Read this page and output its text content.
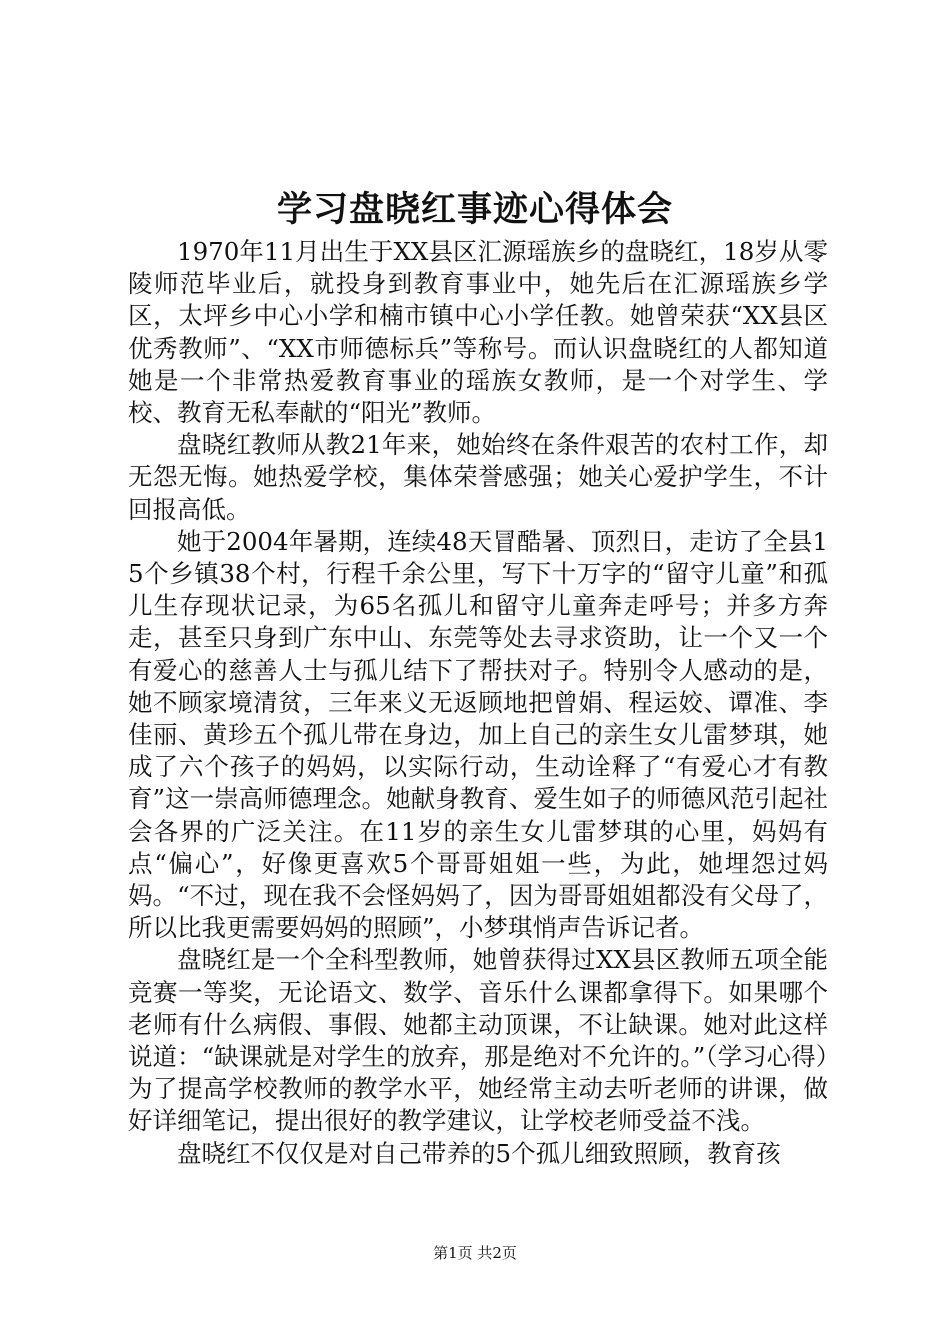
学习盘晓红事迹心得体会

1970年11月出生于XX县区汇源瑶族乡的盘晓红，18岁从零陵师范毕业后，就投身到教育事业中，她先后在汇源瑶族乡学区，太坪乡中心小学和楠市镇中心小学任教。她曾荣获“XX县区优秀教师”、“XX市师德标兵”等称号。而认识盘晓红的人都知道她是一个非常热爱教育事业的瑶族女教师，是一个对学生、学校、教育无私奉献的“阳光”教师。

盘晓红教师从教21年来，她始终在条件艰苦的农村工作，却无怨无悔。她热爱学校，集体荣誉感强；她关心爱护学生，不计回报高低。

她于2004年暑期，连续48天冒酷暑、顶烈日，走访了全县15个乡镇38个村，行程千余公里，写下十万字的“留守儿童”和孤儿生存现状记录，为65名孤儿和留守儿童奔走呼号；并多方奔走，甚至只身到广东中山、东莞等处去寻求资助，让一个又一个有爱心的慈善人士与孤儿结下了帮扶对子。特别令人感动的是，她不顾家境清贫，三年来义无返顾地把曾娟、程运姣、谭准、李佳丽、黄珍五个孤儿带在身边，加上自己的亲生女儿雷梦琪，她成了六个孩子的妈妈，以实际行动，生动诠释了“有爱心才有教育”这一崇高师德理念。她献身教育、爱生如子的师德风范引起社会各界的广泛关注。在11岁的亲生女儿雷梦琪的心里，妈妈有点“偏心”，好像更喜欢5个哥哥姐姐一些，为此，她埋怨过妈妈。“不过，现在我不会怪妈妈了，因为哥哥姐姐都没有父母了，所以比我更需要妈妈的照顾”，小梦琪悄声告诉记者。

盘晓红是一个全科型教师，她曾获得过XX县区教师五项全能竞赛一等奖，无论语文、数学、音乐什么课都拿得下。如果哪个老师有什么病假、事假、她都主动顶课，不让缺课。她对此这样说道：“缺课就是对学生的放弃，那是绝对不允许的。”（学习心得）为了提高学校教师的教学水平，她经常主动去听老师的讲课，做好详细笔记，提出很好的教学建议，让学校老师受益不浅。

盘晓红不仅仅是对自己带养的5个孤儿细致照顾，教育孩

第1页 共2页
